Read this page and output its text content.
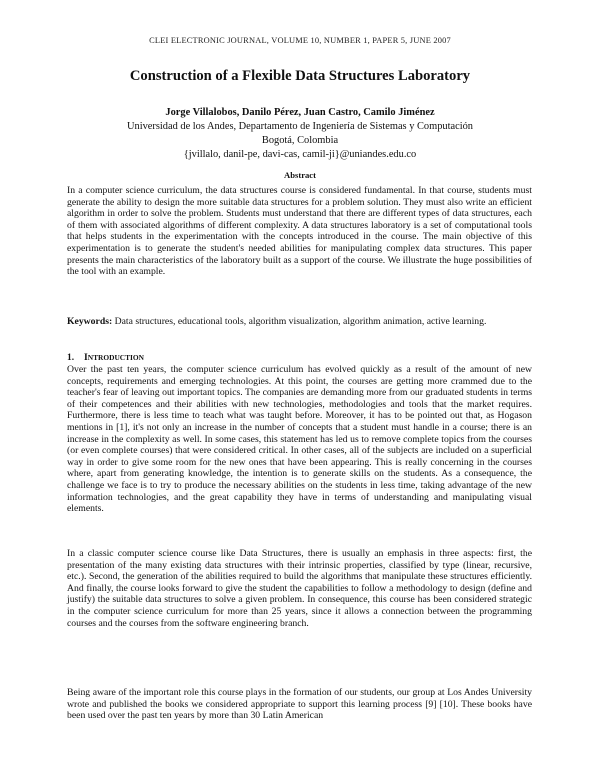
CLEI ELECTRONIC JOURNAL, VOLUME 10, NUMBER 1, PAPER 5, JUNE 2007
Construction of a Flexible Data Structures Laboratory

Jorge Villalobos, Danilo Pérez, Juan Castro, Camilo Jiménez

Universidad de los Andes, Departamento de Ingeniería de Sistemas y Computación

Bogotá, Colombia

{jvillalo, danil-pe, davi-cas, camil-ji}@uniandes.edu.co

Abstract

In a computer science curriculum, the data structures course is considered fundamental. In that course, students must generate the ability to design the more suitable data structures for a problem solution. They must also write an efficient algorithm in order to solve the problem. Students must understand that there are different types of data structures, each of them with associated algorithms of different complexity. A data structures laboratory is a set of computational tools that helps students in the experimentation with the concepts introduced in the course. The main objective of this experimentation is to generate the student's needed abilities for manipulating complex data structures. This paper presents the main characteristics of the laboratory built as a support of the course. We illustrate the huge possibilities of the tool with an example.

Keywords: Data structures, educational tools, algorithm visualization, algorithm animation, active learning.

1. INTRODUCTION

Over the past ten years, the computer science curriculum has evolved quickly as a result of the amount of new concepts, requirements and emerging technologies. At this point, the courses are getting more crammed due to the teacher's fear of leaving out important topics. The companies are demanding more from our graduated students in terms of their competences and their abilities with new technologies, methodologies and tools that the market requires. Furthermore, there is less time to teach what was taught before. Moreover, it has to be pointed out that, as Hogason mentions in [1], it's not only an increase in the number of concepts that a student must handle in a course; there is an increase in the complexity as well. In some cases, this statement has led us to remove complete topics from the courses (or even complete courses) that were considered critical. In other cases, all of the subjects are included on a superficial way in order to give some room for the new ones that have been appearing. This is really concerning in the courses where, apart from generating knowledge, the intention is to generate skills on the students. As a consequence, the challenge we face is to try to produce the necessary abilities on the students in less time, taking advantage of the new information technologies, and the great capability they have in terms of understanding and manipulating visual elements.

In a classic computer science course like Data Structures, there is usually an emphasis in three aspects: first, the presentation of the many existing data structures with their intrinsic properties, classified by type (linear, recursive, etc.). Second, the generation of the abilities required to build the algorithms that manipulate these structures efficiently. And finally, the course looks forward to give the student the capabilities to follow a methodology to design (define and justify) the suitable data structures to solve a given problem. In consequence, this course has been considered strategic in the computer science curriculum for more than 25 years, since it allows a connection between the programming courses and the courses from the software engineering branch.

Being aware of the important role this course plays in the formation of our students, our group at Los Andes University wrote and published the books we considered appropriate to support this learning process [9] [10]. These books have been used over the past ten years by more than 30 Latin American
